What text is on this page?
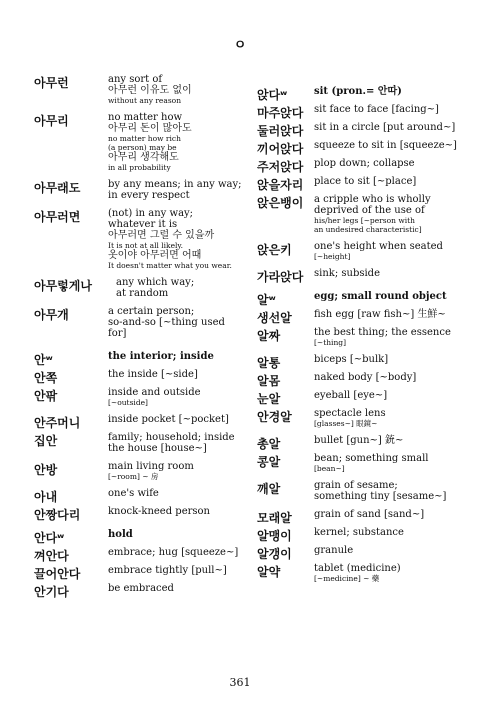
ㅇ
아무런	any sort of
아무런 이유도 없이
without any reason
아무리	no matter how
아무리 돈이 많아도
no matter how rich
(a person) may be
아무리 생각해도
in all probability
아무래도	by any means; in any way;
in every respect
아무러면	(not) in any way;
whatever it is
아무러면 그럴 수 있을까
It is not at all likely.
옷이야 아무러면 어때
It doesn't matter what you wear.
아무렇게나 any which way;
at random
아무개	a certain person;
so-and-so [~thing used for]
안ʷ	the interior; inside
안쪽	the inside [~side]
안팎	inside and outside
[~outside]
안주머니	inside pocket [~pocket]
집안	family; household; inside
the house [house~]
안방	main living room
[~room] ~ 房
아내	one's wife
안짱다리	knock-kneed person
안다ʷ	hold
껴안다	embrace; hug [squeeze~]
끌어안다	embrace tightly [pull~]
안기다	be embraced
앉다ʷ	sit (pron.= 안따)
마주앉다 sit face to face [facing~]
둘러앉다 sit in a circle [put around~]
끼어앉다 squeeze to sit in [squeeze~]
주저앉다 plop down; collapse
앉을자리 place to sit [~place]
앉은뱅이 a cripple who is wholly
deprived of the use of
his/her legs [~person with
an undesired characteristic]
앉은키 one's height when seated
[~height]
가라앉다 sink; subside
알ʷ	egg; small round object
생선알 fish egg [raw fish~] 生鮮~
알짜	the best thing; the essence
[~thing]
알통	biceps [~bulk]
알몸	naked body [~body]
눈알	eyeball [eye~]
안경알 spectacle lens
[glasses~] 眼鏡~
총알	bullet [gun~] 銃~
콩알	bean; something small
[bean~]
깨알	grain of sesame;
something tiny [sesame~]
모래알 grain of sand [sand~]
알맹이 kernel; substance
알갱이 granule
알약	tablet (medicine)
[~medicine] ~ 藥
361
